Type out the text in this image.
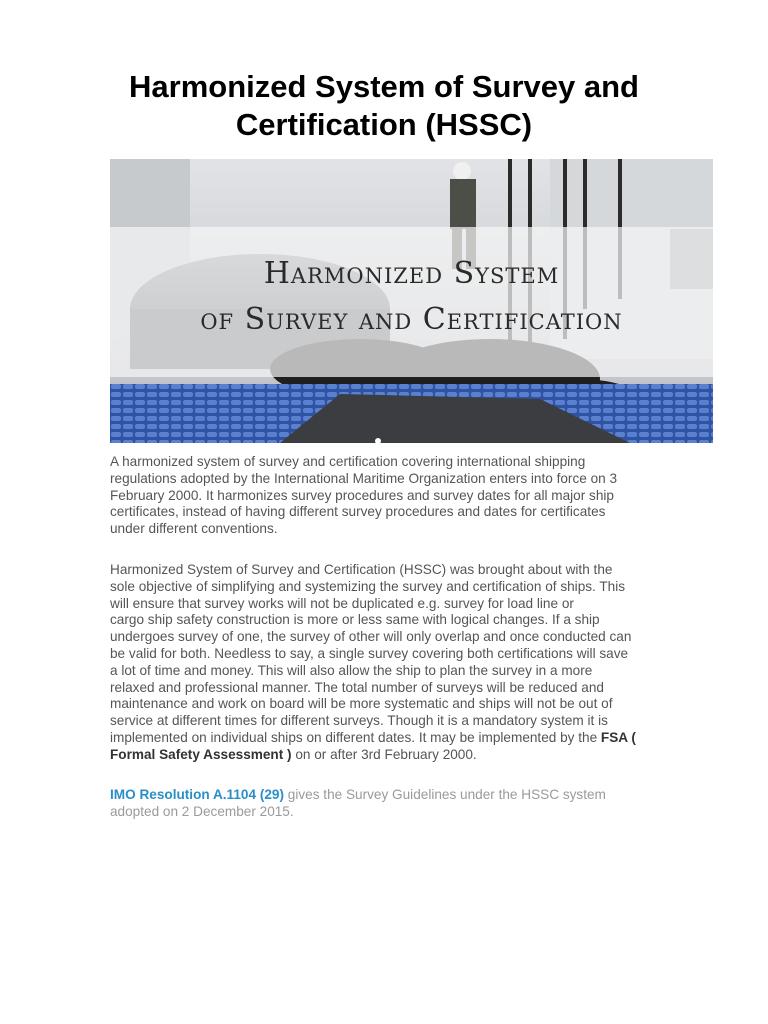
Harmonized System of Survey and
Certification (HSSC)
Harmonized System
of Survey and Certification

A harmonized system of survey and certification covering international shipping
regulations adopted by the International Maritime Organization enters into force on 3
February 2000. It harmonizes survey procedures and survey dates for all major ship
certificates, instead of having different survey procedures and dates for certificates
under different conventions.

Harmonized System of Survey and Certification (HSSC) was brought about with the
sole objective of simplifying and systemizing the survey and certification of ships. This
will ensure that survey works will not be duplicated e.g. survey for load line or
cargo ship safety construction is more or less same with logical changes. If a ship
undergoes survey of one, the survey of other will only overlap and once conducted can
be valid for both. Needless to say, a single survey covering both certifications will save
a lot of time and money. This will also allow the ship to plan the survey in a more
relaxed and professional manner. The total number of surveys will be reduced and
maintenance and work on board will be more systematic and ships will not be out of
service at different times for different surveys. Though it is a mandatory system it is
implemented on individual ships on different dates. It may be implemented by the FSA (
Formal Safety Assessment ) on or after 3rd February 2000.

IMO Resolution A.1104 (29) gives the Survey Guidelines under the HSSC system
adopted on 2 December 2015.
